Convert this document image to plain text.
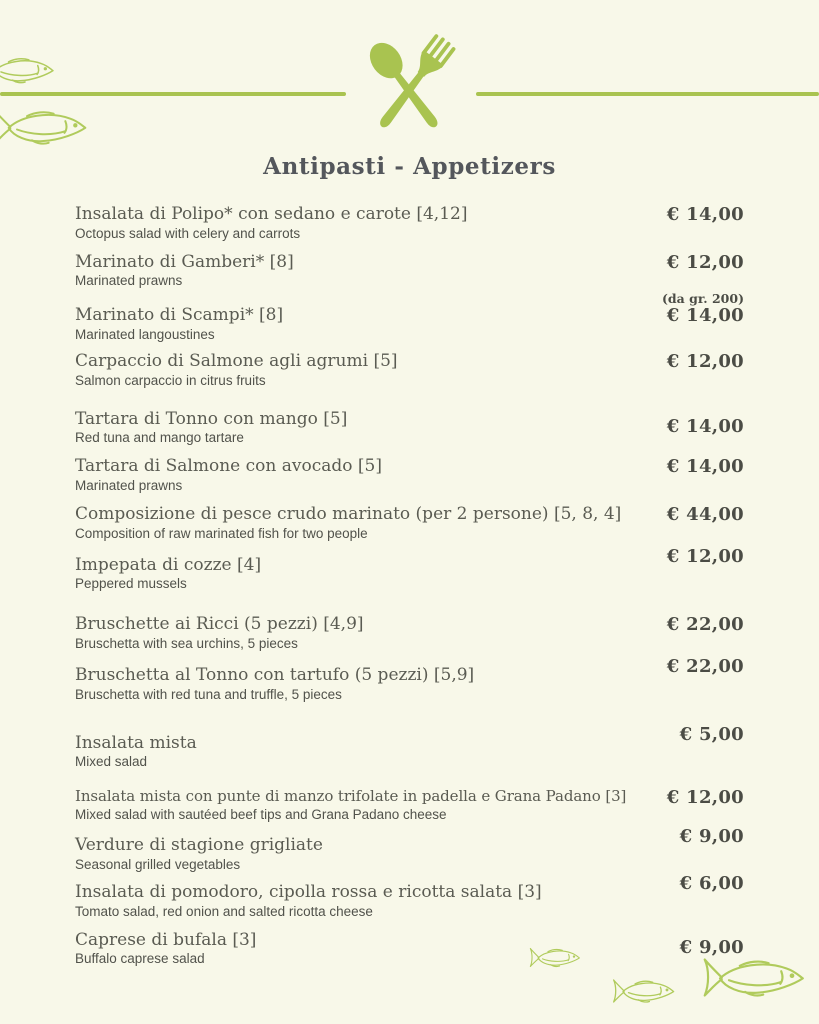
Antipasti - Appetizers
Insalata di Polipo* con sedano e carote [4,12]
Octopus salad with celery and carrots
€ 14,00
Marinato di Gamberi* [8]
Marinated prawns
€ 12,00
Marinato di Scampi* [8]
Marinated langoustines
(da gr. 200)
€ 14,00
Carpaccio di Salmone agli agrumi [5]
Salmon carpaccio in citrus fruits
€ 12,00
Tartara di Tonno con mango [5]
Red tuna and mango tartare
€ 14,00
Tartara di Salmone con avocado [5]
Marinated prawns
€ 14,00
Composizione di pesce crudo marinato (per 2 persone) [5, 8, 4]
Composition of raw marinated fish for two people
€ 44,00
Impepata di cozze [4]
Peppered mussels
€ 12,00
Bruschette ai Ricci (5 pezzi) [4,9]
Bruschetta with sea urchins, 5 pieces
€ 22,00
Bruschetta al Tonno con tartufo (5 pezzi) [5,9]
Bruschetta with red tuna and truffle, 5 pieces
€ 22,00
Insalata mista
Mixed salad
€ 5,00
Insalata mista con punte di manzo trifolate in padella e Grana Padano [3]
Mixed salad with sautéed beef tips and Grana Padano cheese
€ 12,00
Verdure di stagione grigliate
Seasonal grilled vegetables
€ 9,00
Insalata di pomodoro, cipolla rossa e ricotta salata [3]
Tomato salad, red onion and salted ricotta cheese
€ 6,00
Caprese di bufala [3]
Buffalo caprese salad
€ 9,00
